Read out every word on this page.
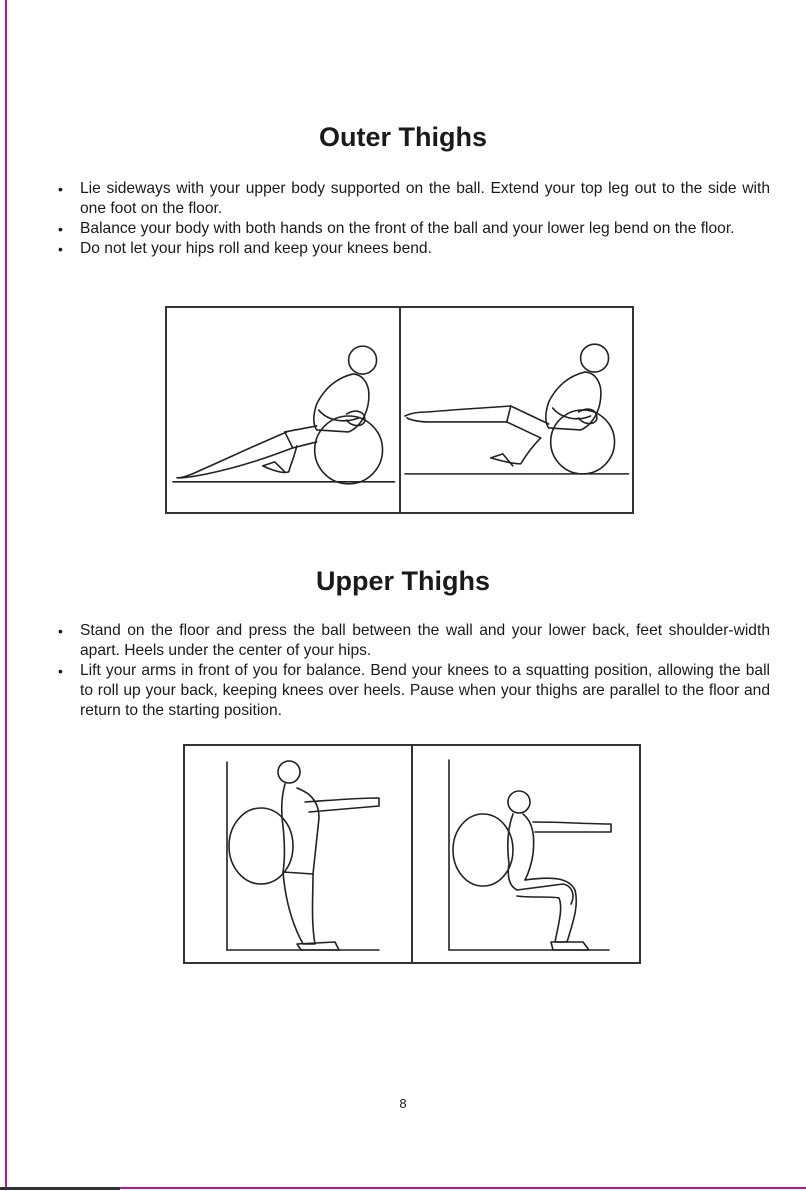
Outer Thighs
• Lie sideways with your upper body supported on the ball. Extend your top leg out to the side with one foot on the floor.
• Balance your body with both hands on the front of the ball and your lower leg bend on the floor.
• Do not let your hips roll and keep your knees bend.
Upper Thighs
• Stand on the floor and press the ball between the wall and your lower back, feet shoulder-width apart. Heels under the center of your hips.
• Lift your arms in front of you for balance. Bend your knees to a squatting position, allowing the ball to roll up your back, keeping knees over heels. Pause when your thighs are parallel to the floor and return to the starting position.
8
